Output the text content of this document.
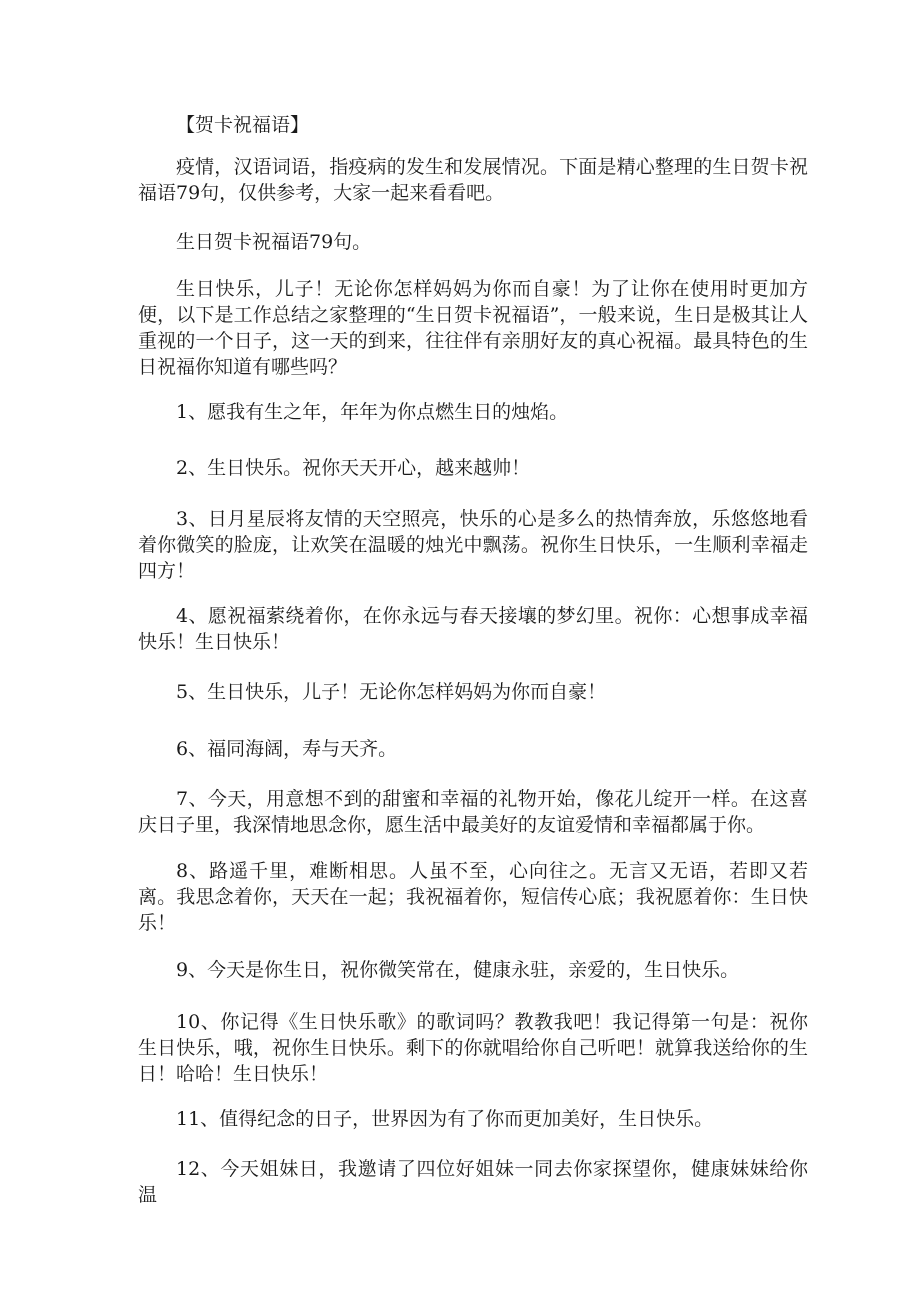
【贺卡祝福语】

疫情，汉语词语，指疫病的发生和发展情况。下面是精心整理的生日贺卡祝福语79句，仅供参考，大家一起来看看吧。

生日贺卡祝福语79句。

生日快乐，儿子！无论你怎样妈妈为你而自豪！为了让你在使用时更加方便，以下是工作总结之家整理的“生日贺卡祝福语”，一般来说，生日是极其让人重视的一个日子，这一天的到来，往往伴有亲朋好友的真心祝福。最具特色的生日祝福你知道有哪些吗？

1、愿我有生之年，年年为你点燃生日的烛焰。

2、生日快乐。祝你天天开心，越来越帅！

3、日月星辰将友情的天空照亮，快乐的心是多么的热情奔放，乐悠悠地看着你微笑的脸庞，让欢笑在温暖的烛光中飘荡。祝你生日快乐，一生顺利幸福走四方！

4、愿祝福萦绕着你，在你永远与春天接壤的梦幻里。祝你：心想事成幸福快乐！生日快乐！

5、生日快乐，儿子！无论你怎样妈妈为你而自豪！

6、福同海阔，寿与天齐。

7、今天，用意想不到的甜蜜和幸福的礼物开始，像花儿绽开一样。在这喜庆日子里，我深情地思念你，愿生活中最美好的友谊爱情和幸福都属于你。

8、路遥千里，难断相思。人虽不至，心向往之。无言又无语，若即又若离。我思念着你，天天在一起；我祝福着你，短信传心底；我祝愿着你：生日快乐！

9、今天是你生日，祝你微笑常在，健康永驻，亲爱的，生日快乐。

10、你记得《生日快乐歌》的歌词吗？教教我吧！我记得第一句是：祝你生日快乐，哦，祝你生日快乐。剩下的你就唱给你自己听吧！就算我送给你的生日！哈哈！生日快乐！

11、值得纪念的日子，世界因为有了你而更加美好，生日快乐。

12、今天姐妹日，我邀请了四位好姐妹一同去你家探望你，健康妹妹给你温
